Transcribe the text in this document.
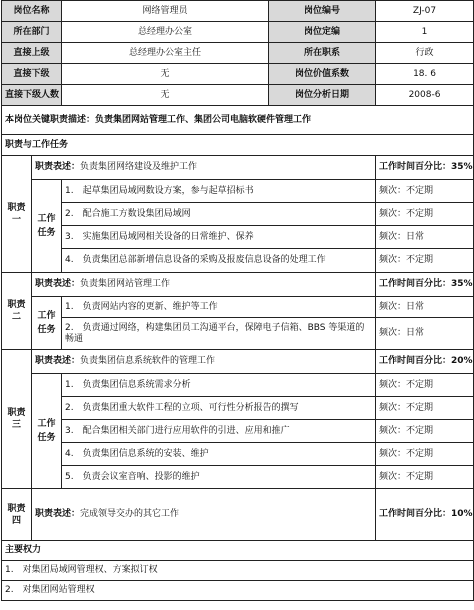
岗位名称		网络管理员	岗位编号	ZJ-07
所在部门		总经理办公室	岗位定编	1
直接上级		总经理办公室主任	所在职系	行政
直接下级		无	岗位价值系数	18. 6
直接下级人数		无	岗位分析日期	2008-6
本岗位关键职责描述：负责集团网站管理工作、集团公司电脑软硬件管理工作				
职责与工作任务				
职责一	职责表述：负责集团网络建设及维护工作			工作时间百分比：35%
	工作任务	1.　起草集团局域网数设方案，参与起草招标书		频次：不定期
		2.　配合施工方数设集团局域网		频次：不定期
		3.　实施集团局域网相关设备的日常维护、保养		频次：日常
		4.　负责集团总部新增信息设备的采购及报废信息设备的处理工作		频次：不定期
职责二	职责表述：负责集团网站管理工作			工作时间百分比：35%
	工作任务	1.　负责网站内容的更新、维护等工作		频次：日常
		2.　负责通过网络，构建集团员工沟通平台，保障电子信箱、BBS 等渠道的畅通		频次：日常
职责三	职责表述：负责集团信息系统软件的管理工作			工作时间百分比：20%
	工作任务	1.　负责集团信息系统需求分析		频次：不定期
		2.　负责集团重大软件工程的立项、可行性分析报告的撰写		频次：不定期
		3.　配合集团相关部门进行应用软件的引进、应用和推广		频次：不定期
		4.　负责集团信息系统的安装、维护		频次：不定期
		5.　负责会议室音响、投影的维护		频次：不定期
职责四	职责表述：完成领导交办的其它工作			工作时间百分比：10%
主要权力				
1.　对集团局域网管理权、方案拟订权				
2.　对集团网站管理权				
